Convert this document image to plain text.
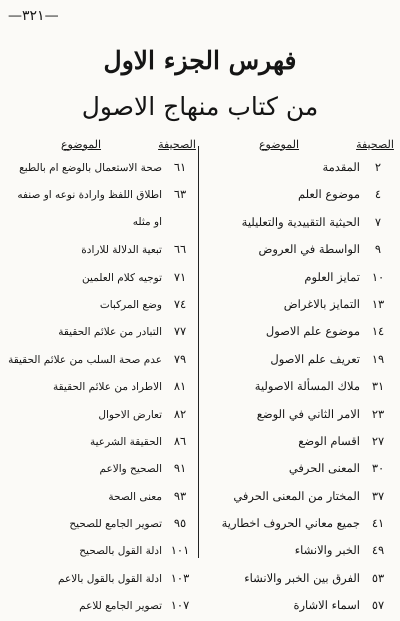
—٣٢١—
فهرس الجزء الاول
من كتاب منهاج الاصول
الصحيفة
الموضوع
٢
المقدمة
٤
موضوع العلم
٧
الحيثية التقييدية والتعليلية
٩
الواسطة في العروض
١٠
تمايز العلوم
١٣
التمايز بالاغراض
١٤
موضوع علم الاصول
١٩
تعريف علم الاصول
٣١
ملاك المسألة الاصولية
٢٣
الامر الثاني في الوضع
٢٧
اقسام الوضع
٣٠
المعنى الحرفي
٣٧
المختار من المعنى الحرفي
٤١
جميع معاني الحروف اخطارية
٤٩
الخبر والانشاء
٥٣
الفرق بين الخبر والانشاء
٥٧
اسماء الاشارة
الصحيفة
الموضوع
٦١
صحة الاستعمال بالوضع ام بالطبع
٦٣
اطلاق اللفظ وارادة نوعه او صنفه
او مثله
٦٦
تبعية الدلالة للارادة
٧١
توجيه كلام العلمين
٧٤
وضع المركبات
٧٧
التبادر من علائم الحقيقة
٧٩
عدم صحة السلب من علائم الحقيقة
٨١
الاطراد من علائم الحقيقة
٨٢
تعارض الاحوال
٨٦
الحقيقة الشرعية
٩١
الصحيح والاعم
٩٣
معنى الصحة
٩٥
تصوير الجامع للصحيح
١٠١
ادلة القول بالصحيح
١٠٣
ادلة القول بالقول بالاعم
١٠٧
تصوير الجامع للاعم
